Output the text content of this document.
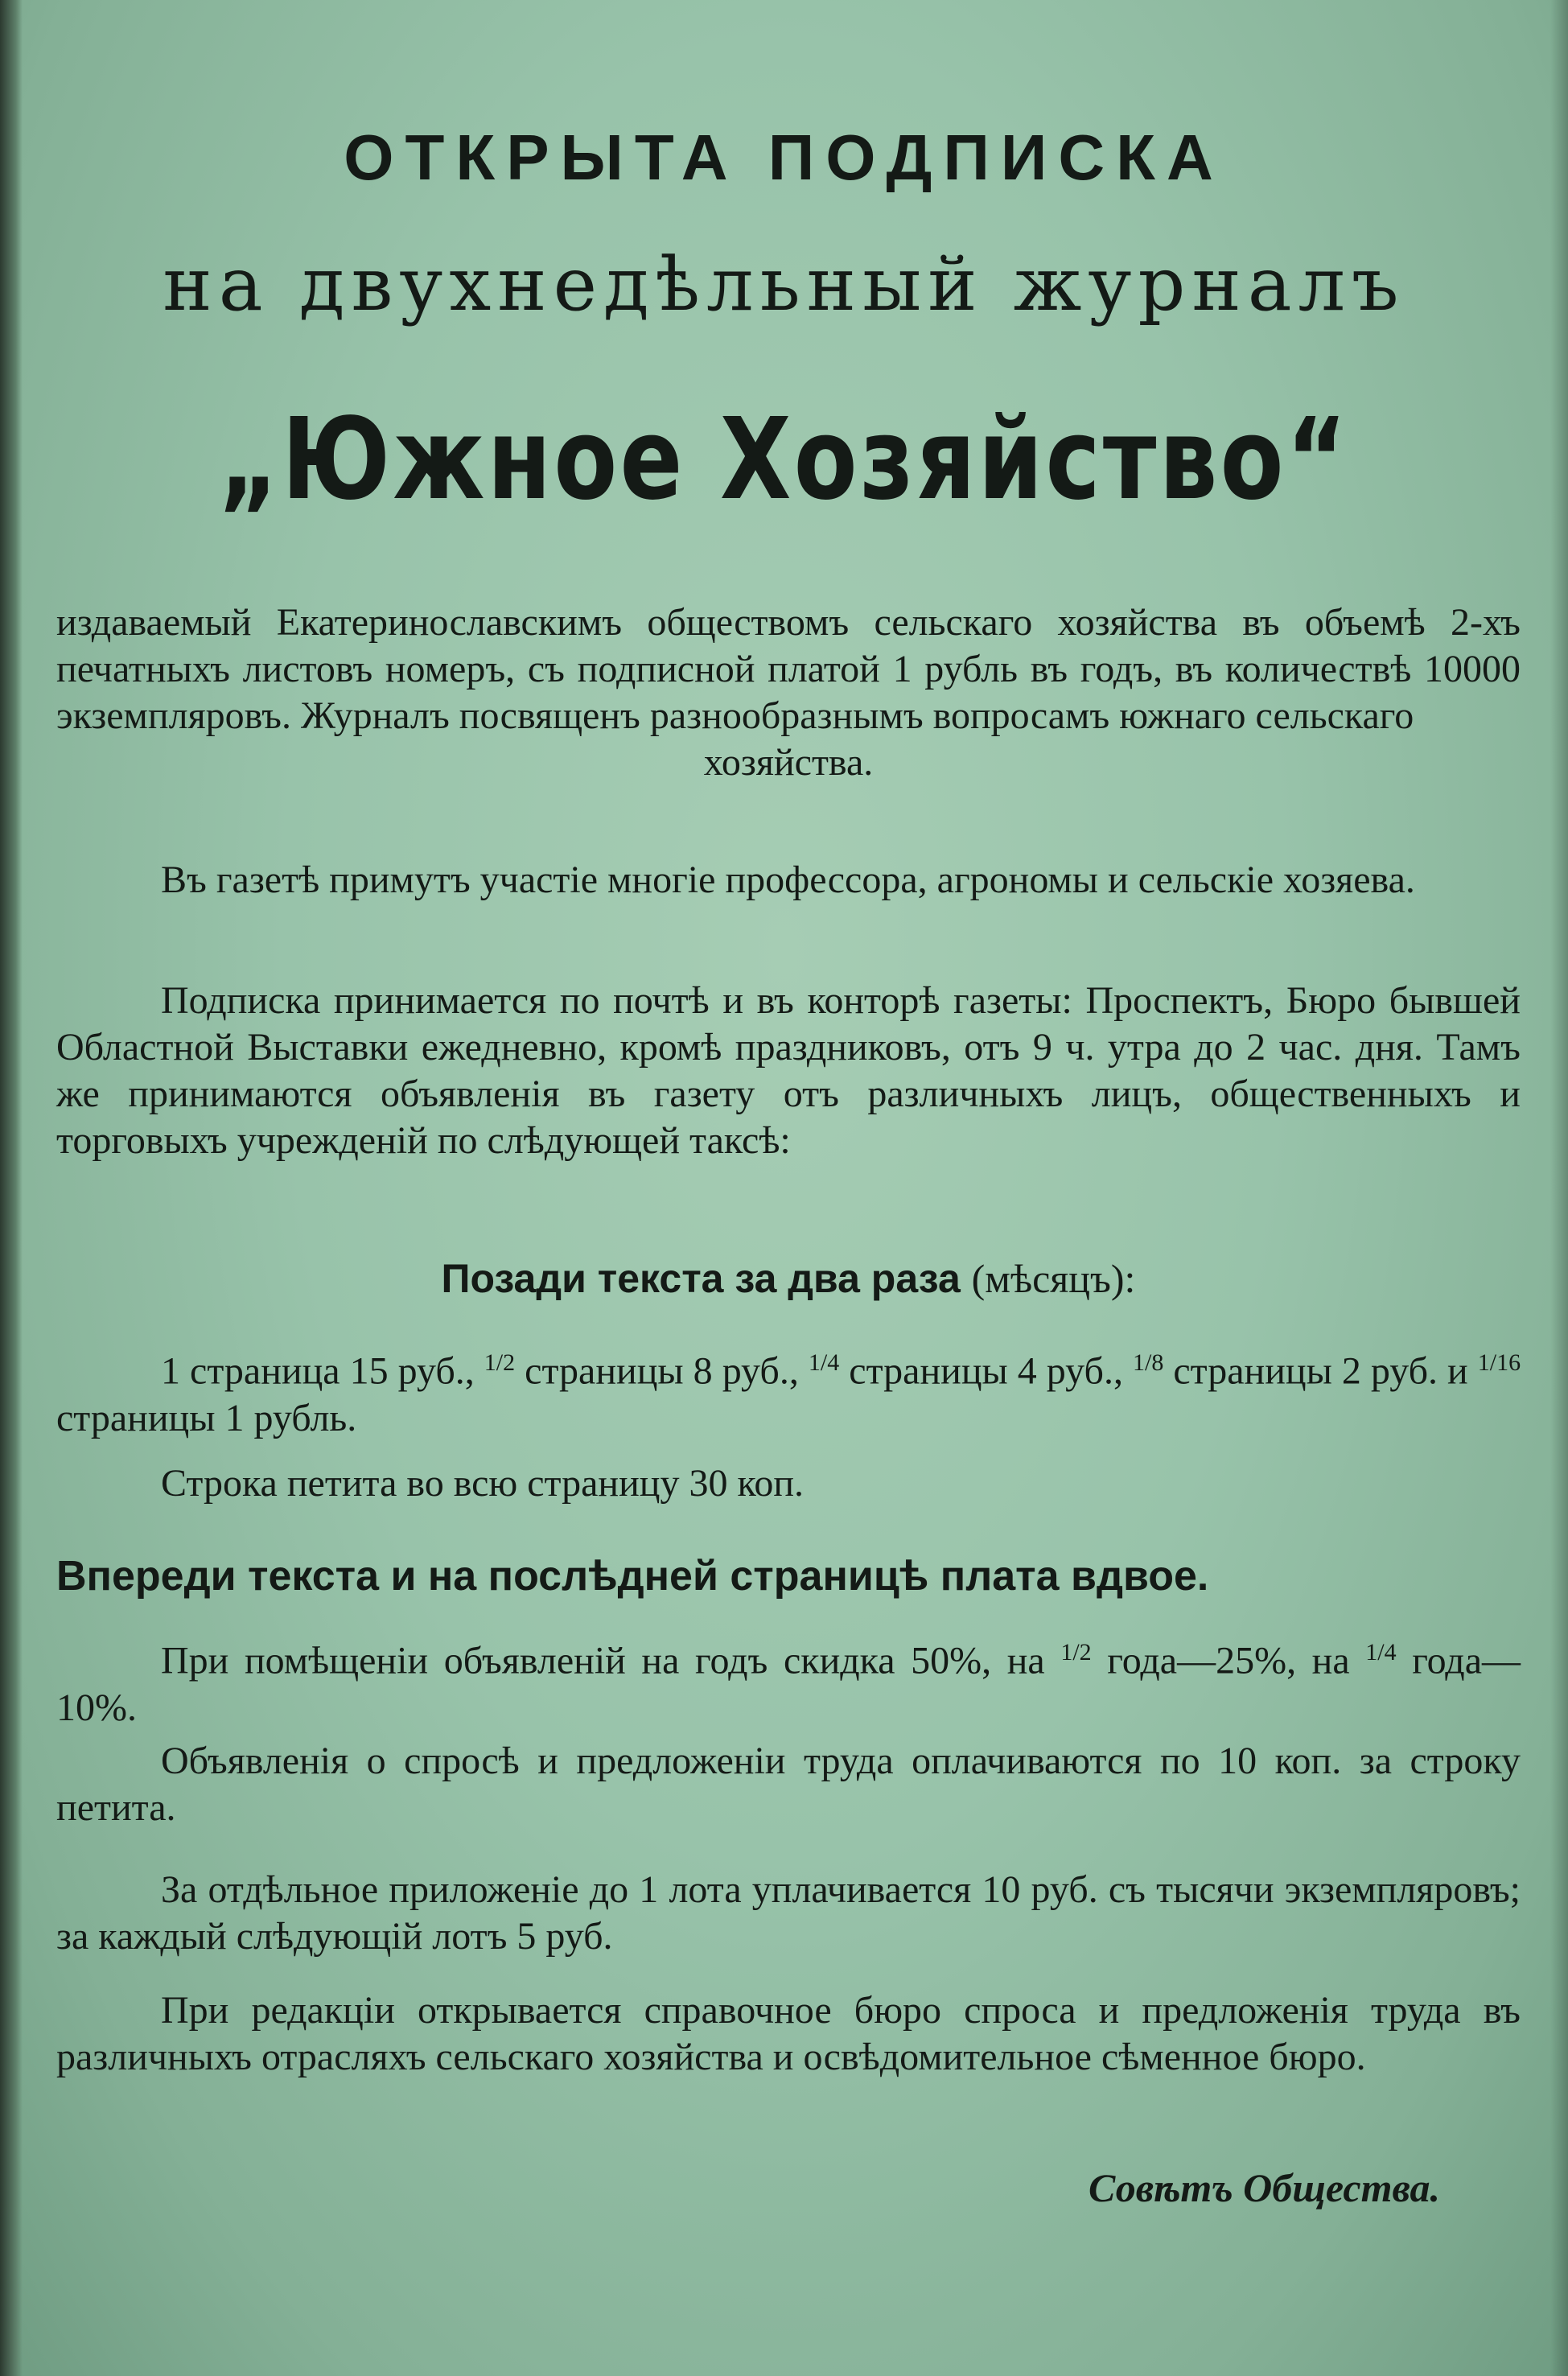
ОТКРЫТА ПОДПИСКА
на двухнедѣльный журналъ
„Южное Хозяйство“
издаваемый Екатеринославскимъ обществомъ сельскаго хозяйства въ объемѣ 2-хъ печатныхъ листовъ номеръ, съ подписной платой 1 рубль въ годъ, въ количествѣ 10000 экземпляровъ. Журналъ посвященъ разнообразнымъ вопросамъ южнаго сельскаго
хозяйства.
Въ газетѣ примутъ участіе многіе профессора, агрономы и сельскіе хозяева.
Подписка принимается по почтѣ и въ конторѣ газеты: Проспектъ, Бюро бывшей Областной Выставки ежедневно, кромѣ праздниковъ, отъ 9 ч. утра до 2 час. дня. Тамъ же принимаются объявленія въ газету отъ различныхъ лицъ, общественныхъ и торговыхъ учрежденій по слѣдующей таксѣ:
Позади текста за два раза (мѣсяцъ):
1 страница 15 руб., $^{1/2}$ страницы 8 руб., $^{1/4}$ страницы 4 руб., $^{1/8}$ страницы 2 руб. и $^{1/16}$ страницы 1 рубль.
Строка петита во всю страницу 30 коп.
Впереди текста и на послѣдней страницѣ плата вдвое.
При помѣщеніи объявленій на годъ скидка 50%, на $^{1/2}$ года—25%, на $^{1/4}$ года—10%.
Объявленія о спросѣ и предложеніи труда оплачиваются по 10 коп. за строку петита.
За отдѣльное приложеніе до 1 лота уплачивается 10 руб. съ тысячи экземпляровъ; за каждый слѣдующій лотъ 5 руб.
При редакціи открывается справочное бюро спроса и предложенія труда въ различныхъ отрасляхъ сельскаго хозяйства и освѣдомительное сѣменное бюро.
Совѣтъ Общества.
